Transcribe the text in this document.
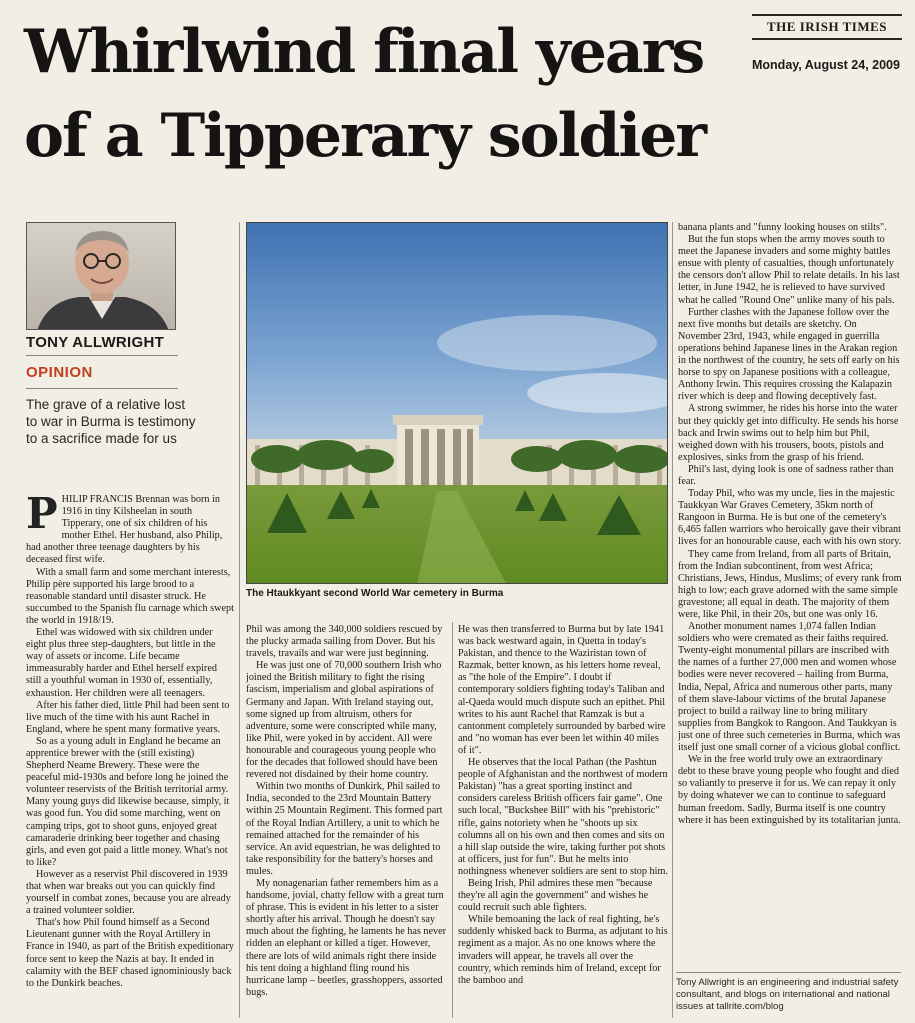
Whirlwind final years
of a Tipperary soldier
THE IRISH TIMES
Monday, August 24, 2009
TONY ALLWRIGHT
OPINION
The grave of a relative lost to war in Burma is testimony to a sacrifice made for us
The Htaukkyant second World War cemetery in Burma

PHILIP FRANCIS Brennan was born in 1916 in tiny Kilsheelan in south Tipperary, one of six children of his mother Ethel. Her husband, also Philip, had another three teenage daughters by his deceased first wife.

With a small farm and some merchant interests, Philip père supported his large brood to a reasonable standard until disaster struck. He succumbed to the Spanish flu carnage which swept the world in 1918/19.

Ethel was widowed with six children under eight plus three step-daughters, but little in the way of assets or income. Life became immeasurably harder and Ethel herself expired still a youthful woman in 1930 of, essentially, exhaustion. Her children were all teenagers.

After his father died, little Phil had been sent to live much of the time with his aunt Rachel in England, where he spent many formative years.

So as a young adult in England he became an apprentice brewer with the (still existing) Shepherd Neame Brewery. These were the peaceful mid-1930s and before long he joined the volunteer reservists of the British territorial army. Many young guys did likewise because, simply, it was good fun. You did some marching, went on camping trips, got to shoot guns, enjoyed great camaraderie drinking beer together and chasing girls, and even got paid a little money. What's not to like?

However as a reservist Phil discovered in 1939 that when war breaks out you can quickly find yourself in combat zones, because you are already a trained volunteer soldier.

That's how Phil found himself as a Second Lieutenant gunner with the Royal Artillery in France in 1940, as part of the British expeditionary force sent to keep the Nazis at bay. It ended in calamity with the BEF chased ignominiously back to the Dunkirk beaches.

Phil was among the 340,000 soldiers rescued by the plucky armada sailing from Dover. But his travels, travails and war were just beginning.

He was just one of 70,000 southern Irish who joined the British military to fight the rising fascism, imperialism and global aspirations of Germany and Japan. With Ireland staying out, some signed up from altruism, others for adventure, some were conscripted while many, like Phil, were yoked in by accident. All were honourable and courageous young people who for the decades that followed should have been revered not disdained by their home country.

Within two months of Dunkirk, Phil sailed to India, seconded to the 23rd Mountain Battery within 25 Mountain Regiment. This formed part of the Royal Indian Artillery, a unit to which he remained attached for the remainder of his service. An avid equestrian, he was delighted to take responsibility for the battery's horses and mules.

My nonagenarian father remembers him as a handsome, jovial, chatty fellow with a great turn of phrase. This is evident in his letter to a sister shortly after his arrival. Though he doesn't say much about the fighting, he laments he has never ridden an elephant or killed a tiger. However, there are lots of wild animals right there inside his tent doing a highland fling round his hurricane lamp – beetles, grasshoppers, assorted bugs.

He was then transferred to Burma but by late 1941 was back westward again, in Quetta in today's Pakistan, and thence to the Waziristan town of Razmak, better known, as his letters home reveal, as "the hole of the Empire". I doubt if contemporary soldiers fighting today's Taliban and al-Qaeda would much dispute such an epithet. Phil writes to his aunt Rachel that Ramzak is but a cantonment completely surrounded by barbed wire and "no woman has ever been let within 40 miles of it".

He observes that the local Pathan (the Pashtun people of Afghanistan and the northwest of modern Pakistan) "has a great sporting instinct and considers careless British officers fair game". One such local, "Buckshee Bill" with his "prehistoric" rifle, gains notoriety when he "shoots up six columns all on his own and then comes and sits on a hill slap outside the wire, taking further pot shots at officers, just for fun". But he melts into nothingness whenever soldiers are sent to stop him.

Being Irish, Phil admires these men "because they're all agin the government" and wishes he could recruit such able fighters.

While bemoaning the lack of real fighting, he's suddenly whisked back to Burma, as adjutant to his regiment as a major. As no one knows where the invaders will appear, he travels all over the country, which reminds him of Ireland, except for the bamboo and

banana plants and "funny looking houses on stilts".

But the fun stops when the army moves south to meet the Japanese invaders and some mighty battles ensue with plenty of casualties, though unfortunately the censors don't allow Phil to relate details. In his last letter, in June 1942, he is relieved to have survived what he called "Round One" unlike many of his pals.

Further clashes with the Japanese follow over the next five months but details are sketchy. On November 23rd, 1943, while engaged in guerrilla operations behind Japanese lines in the Arakan region in the northwest of the country, he sets off early on his horse to spy on Japanese positions with a colleague, Anthony Irwin. This requires crossing the Kalapazin river which is deep and flowing deceptively fast.

A strong swimmer, he rides his horse into the water but they quickly get into difficulty. He sends his horse back and Irwin swims out to help him but Phil, weighed down with his trousers, boots, pistols and explosives, sinks from the grasp of his friend.

Phil's last, dying look is one of sadness rather than fear.

Today Phil, who was my uncle, lies in the majestic Taukkyan War Graves Cemetery, 35km north of Rangoon in Burma. He is but one of the cemetery's 6,465 fallen warriors who heroically gave their vibrant lives for an honourable cause, each with his own story.

They came from Ireland, from all parts of Britain, from the Indian subcontinent, from west Africa; Christians, Jews, Hindus, Muslims; of every rank from high to low; each grave adorned with the same simple gravestone; all equal in death. The majority of them were, like Phil, in their 20s, but one was only 16.

Another monument names 1,074 fallen Indian soldiers who were cremated as their faiths required. Twenty-eight monumental pillars are inscribed with the names of a further 27,000 men and women whose bodies were never recovered – hailing from Burma, India, Nepal, Africa and numerous other parts, many of them slave-labour victims of the brutal Japanese project to build a railway line to bring military supplies from Bangkok to Rangoon. And Taukkyan is just one of three such cemeteries in Burma, which was itself just one small corner of a vicious global conflict.

We in the free world truly owe an extraordinary debt to these brave young people who fought and died so valiantly to preserve it for us. We can repay it only by doing whatever we can to continue to safeguard human freedom. Sadly, Burma itself is one country where it has been extinguished by its totalitarian junta.

Tony Allwright is an engineering and industrial safety consultant, and blogs on international and national issues at tallrite.com/blog
